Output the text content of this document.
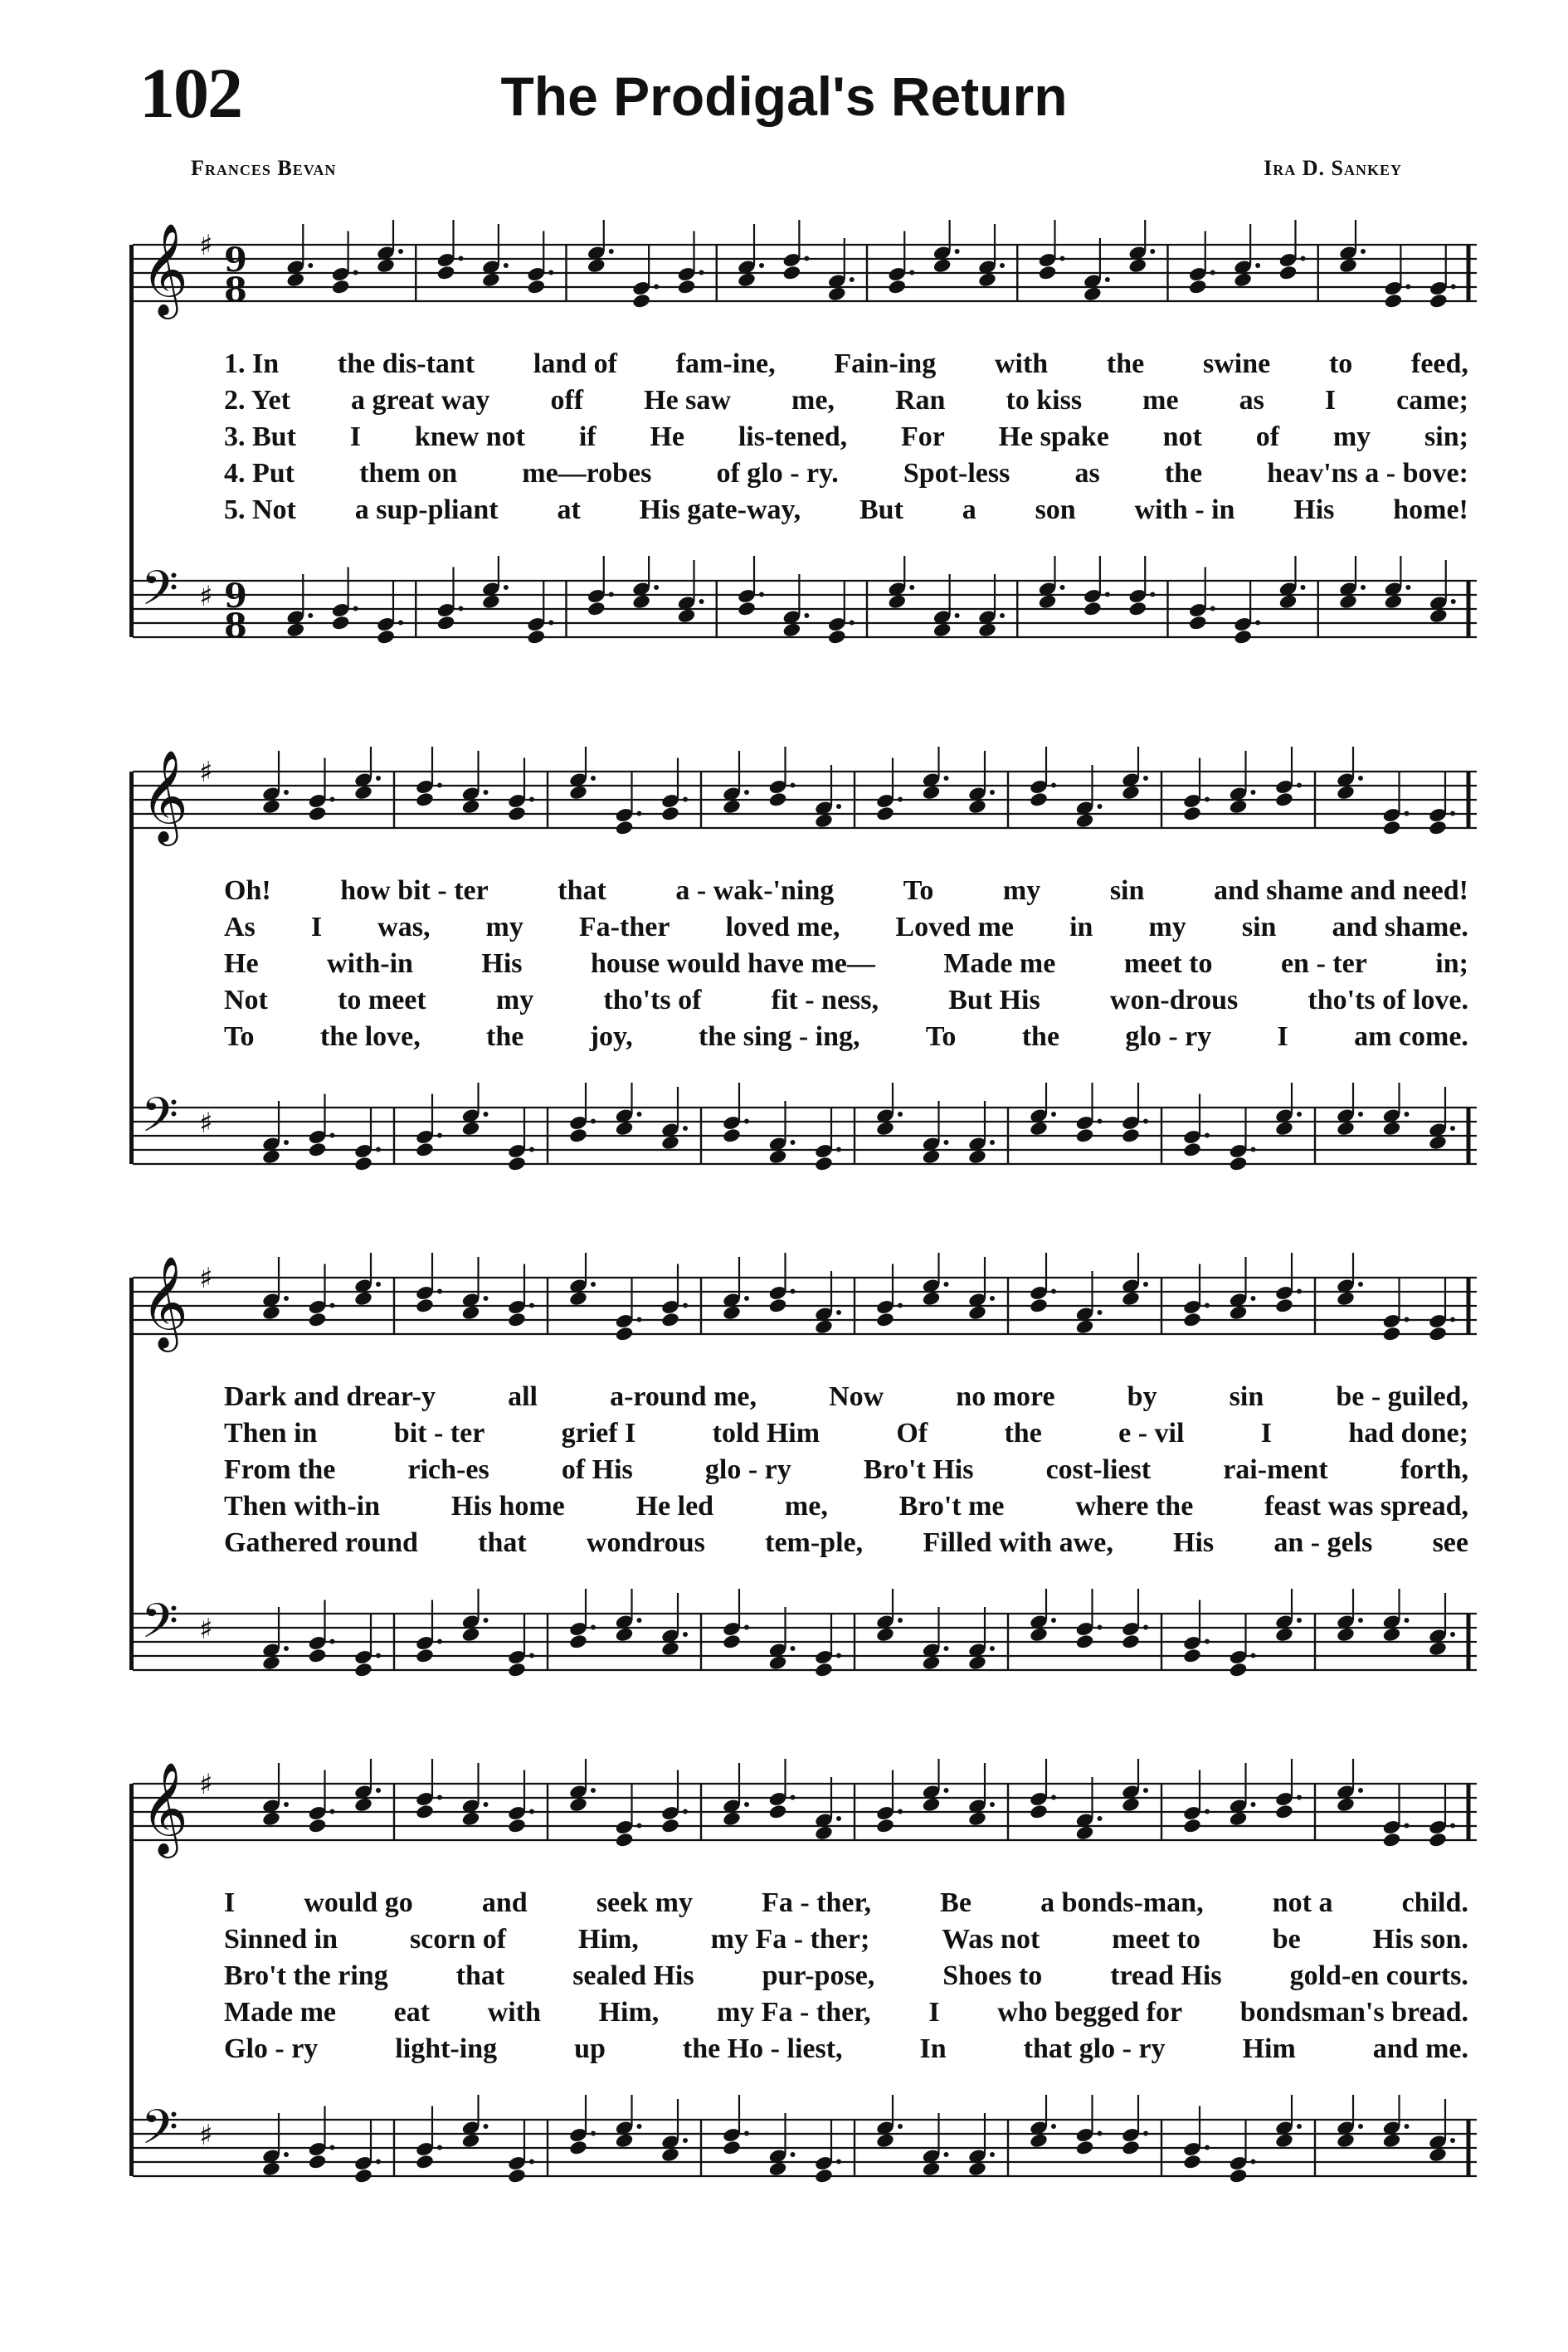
102	The Prodigal's Return
Frances Bevan	Ira D. Sankey
𝄞 ♯ 9
8
1. In the dis-tant land of fam-ine, Fain-ing with the swine to feed,
2. Yet a great way off He saw me, Ran to kiss me as I came;
3. But I knew not if He lis-tened, For He spake not of my sin;
4. Put them on me—robes of glo - ry. Spot-less as the heav'ns a - bove:
5. Not a sup-pliant at His gate-way, But a son with - in His home!
𝄢 ♯ 9
8
𝄞 ♯
Oh! how bit - ter that a - wak-'ning To my sin and shame and need!
As I was, my Fa-ther loved me, Loved me in my sin and shame.
He with-in His house would have me— Made me meet to en - ter in;
Not to meet my tho'ts of fit - ness, But His won-drous tho'ts of love.
To the love, the joy, the sing - ing, To the glo - ry I am come.
𝄢 ♯
𝄞 ♯
Dark and drear-y	all	a-round me,	Now	no more	by	sin	be - guiled,
Then in	bit - ter	grief I	told Him	Of	the	e - vil	I	had done;
From the	rich-es	of His	glo - ry	Bro't His	cost-liest	rai-ment	forth,
Then with-in	His home	He led	me,	Bro't me	where the	feast was spread,
Gathered round that wondrous tem-ple, Filled with awe, His an - gels see
𝄢 ♯
𝄞 ♯
I would go and seek my Fa - ther, Be a bonds-man, not a child.
Sinned in	scorn of	Him,	my Fa - ther;	Was not	meet to	be	His son.
Bro't the ring that sealed His pur-pose, Shoes to tread His gold-en courts.
Made me eat with Him, my Fa - ther, I who begged for bondsman's bread.
Glo - ry	light-ing	up	the Ho - liest,	In	that glo - ry	Him	and me.
𝄢 ♯
